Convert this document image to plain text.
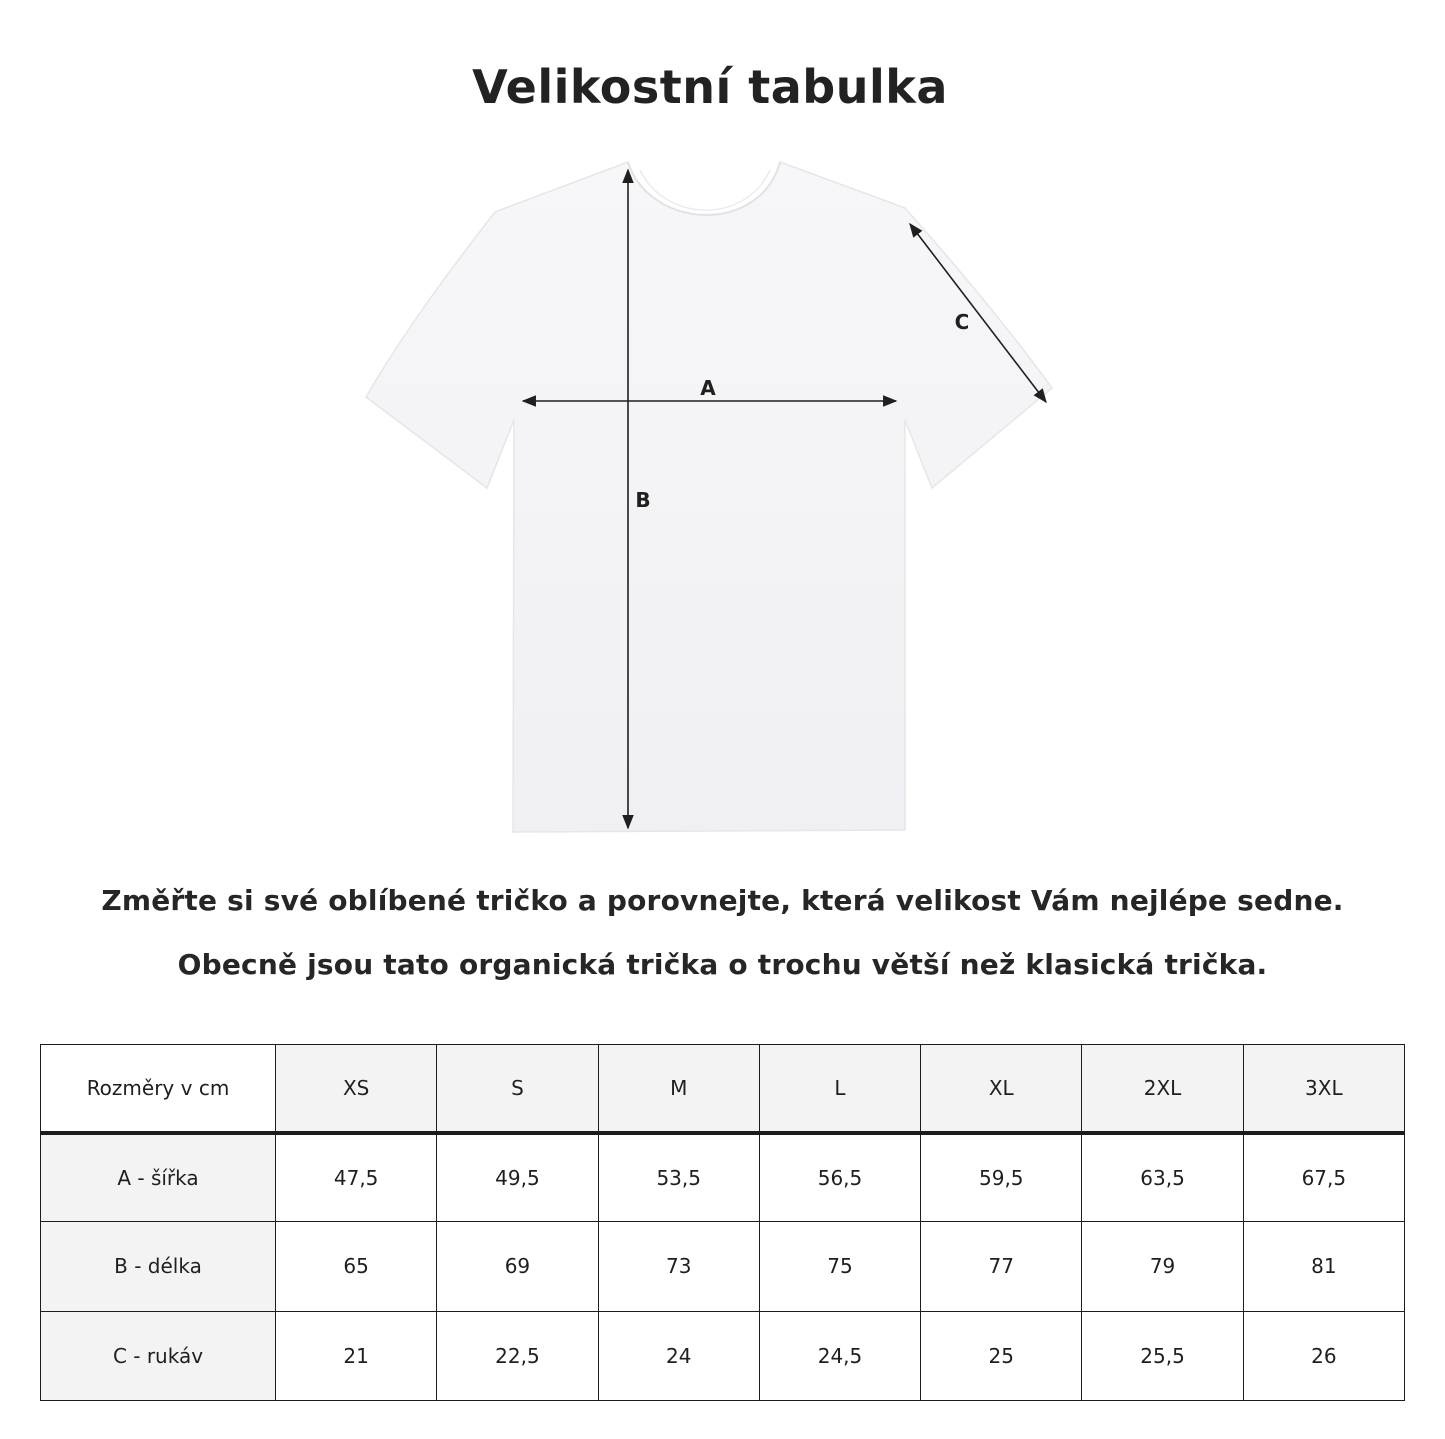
Velikostní tabulka
A
B
C
Změřte si své oblíbené tričko a porovnejte, která velikost Vám nejlépe sedne.
Obecně jsou tato organická trička o trochu větší než klasická trička.
Rozměry v cm	XS	S	M	L	XL	2XL	3XL
A - šířka	47,5	49,5	53,5	56,5	59,5	63,5	67,5
B - délka	65	69	73	75	77	79	81
C - rukáv	21	22,5	24	24,5	25	25,5	26
